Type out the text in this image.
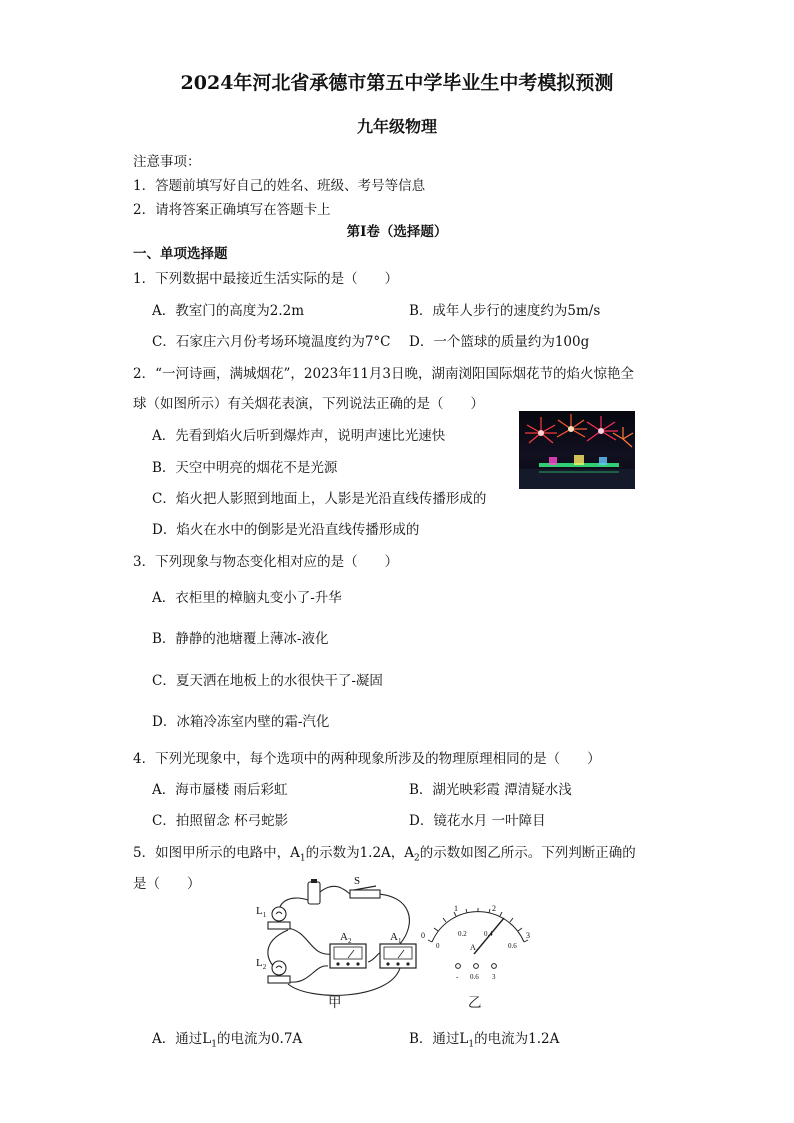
2024年河北省承德市第五中学毕业生中考模拟预测
九年级物理
注意事项：
1．答题前填写好自己的姓名、班级、考号等信息
2．请将答案正确填写在答题卡上
第I卷（选择题）
一、单项选择题
1．下列数据中最接近生活实际的是（　　）
A．教室门的高度为2.2m	B．成年人步行的速度约为5m/s
C．石家庄六月份考场环境温度约为7°C D．一个篮球的质量约为100g
2．“一河诗画，满城烟花”，2023年11月3日晚，湖南浏阳国际烟花节的焰火惊艳全
球（如图所示）有关烟花表演，下列说法正确的是（　　）
A．先看到焰火后听到爆炸声，说明声速比光速快
B．天空中明亮的烟花不是光源
C．焰火把人影照到地面上，人影是光沿直线传播形成的
D．焰火在水中的倒影是光沿直线传播形成的
3．下列现象与物态变化相对应的是（　　）
A．衣柜里的樟脑丸变小了-升华
B．静静的池塘覆上薄冰-液化
C．夏天洒在地板上的水很快干了-凝固
D．冰箱冷冻室内壁的霜-汽化
4．下列光现象中，每个选项中的两种现象所涉及的物理原理相同的是（　　）
A．海市蜃楼 雨后彩虹	B．湖光映彩霞 潭清疑水浅
C．拍照留念 杯弓蛇影	D．镜花水月 一叶障目
5．如图甲所示的电路中，$A_1$的示数为1.2A，$A_2$的示数如图乙所示。下列判断正确的
是（　　）	S
$L_1$
$L_2$
$A_2$	$A_1$
甲
0
1	2
3
0
0.2 0.4
0.6
A
- 0.6 3
乙
A．通过$L_1$的电流为0.7A	B．通过$L_1$的电流为1.2A
